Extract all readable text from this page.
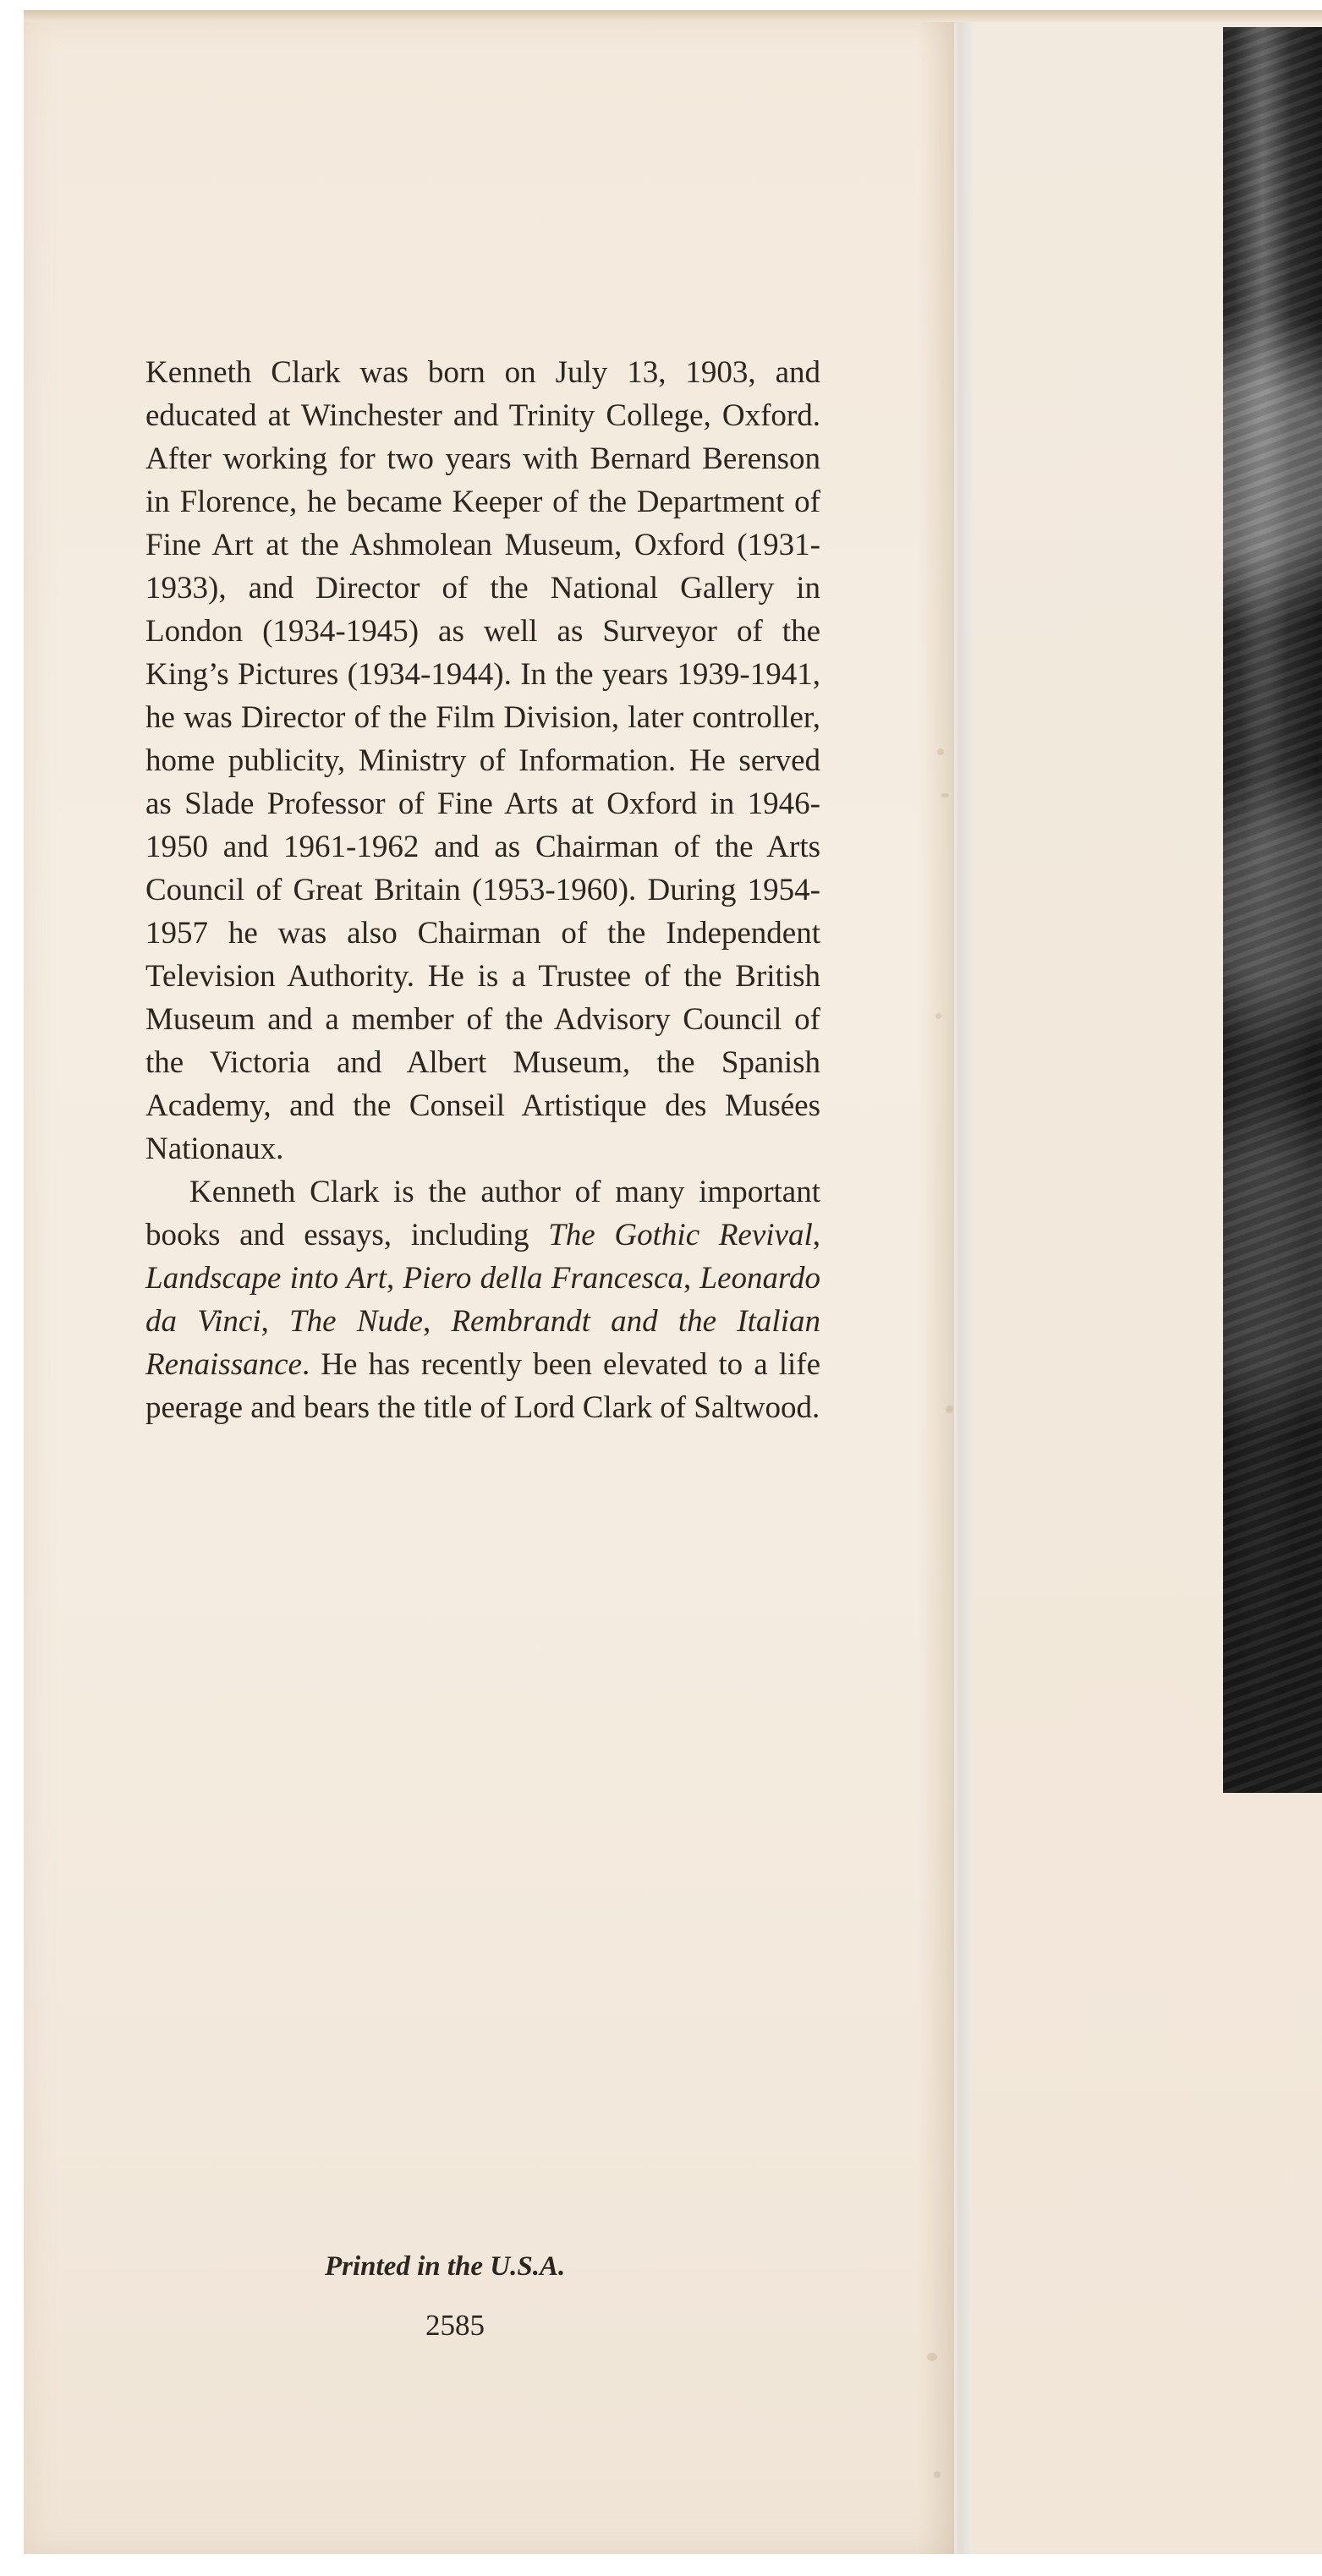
Kenneth Clark was born on July 13, 1903, and educated at Winchester and Trinity College, Oxford. After working for two years with Bernard Berenson in Florence, he became Keeper of the Department of Fine Art at the Ashmolean Museum, Oxford (1931-1933), and Director of the National Gallery in London (1934-1945) as well as Surveyor of the King’s Pictures (1934-1944). In the years 1939-1941, he was Director of the Film Division, later controller, home publicity, Ministry of Information. He served as Slade Professor of Fine Arts at Oxford in 1946-1950 and 1961-1962 and as Chairman of the Arts Council of Great Britain (1953-1960). During 1954-1957 he was also Chairman of the Independent Television Authority. He is a Trustee of the British Museum and a member of the Advisory Council of the Victoria and Albert Museum, the Spanish Academy, and the Conseil Artistique des Musées Nationaux.

Kenneth Clark is the author of many important books and essays, including The Gothic Revival, Landscape into Art, Piero della Francesca, Leonardo da Vinci, The Nude, Rembrandt and the Italian Renaissance. He has recently been elevated to a life peerage and bears the title of Lord Clark of Saltwood.

Printed in the U.S.A.
2585
